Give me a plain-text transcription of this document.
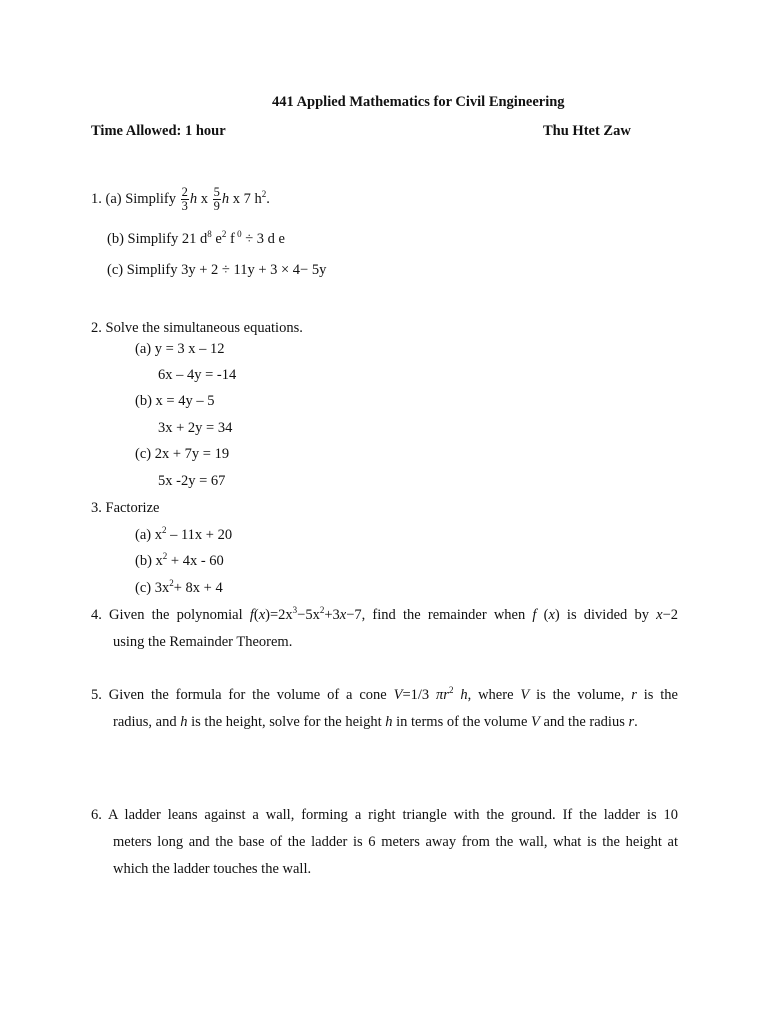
441 Applied Mathematics for Civil Engineering
Time Allowed: 1 hour	Thu Htet Zaw
1. (a) Simplify $\frac{2}{3}$ h x $\frac{5}{9}$ h x 7 $h^2$.
(b) Simplify 21 $d^8$ $e^2$ f $^0$ ÷ 3 d e
(c) Simplify 3y + 2 ÷ 11y + 3 × 4− 5y
2. Solve the simultaneous equations.
(a) y = 3 x – 12
6x – 4y = -14
(b) x = 4y – 5
3x + 2y = 34
(c) 2x + 7y = 19
5x -2y = 67
3. Factorize
(a) $x^2 - 11x + 20$
(b) $x^2 + 4x - 60$
(c) $3x^2+ 8x + 4$
4. Given the polynomial $f(x)=2x^3-5x^2+3x-7$, find the remainder when f (x) is divided by x−2
using the Remainder Theorem.
5. Given the formula for the volume of a cone V=1/3 $\pi r^2$ h, where V is the volume, r is the
radius, and h is the height, solve for the height h in terms of the volume V and the radius r.
6. A ladder leans against a wall, forming a right triangle with the ground. If the ladder is 10
meters long and the base of the ladder is 6 meters away from the wall, what is the height at
which the ladder touches the wall.
